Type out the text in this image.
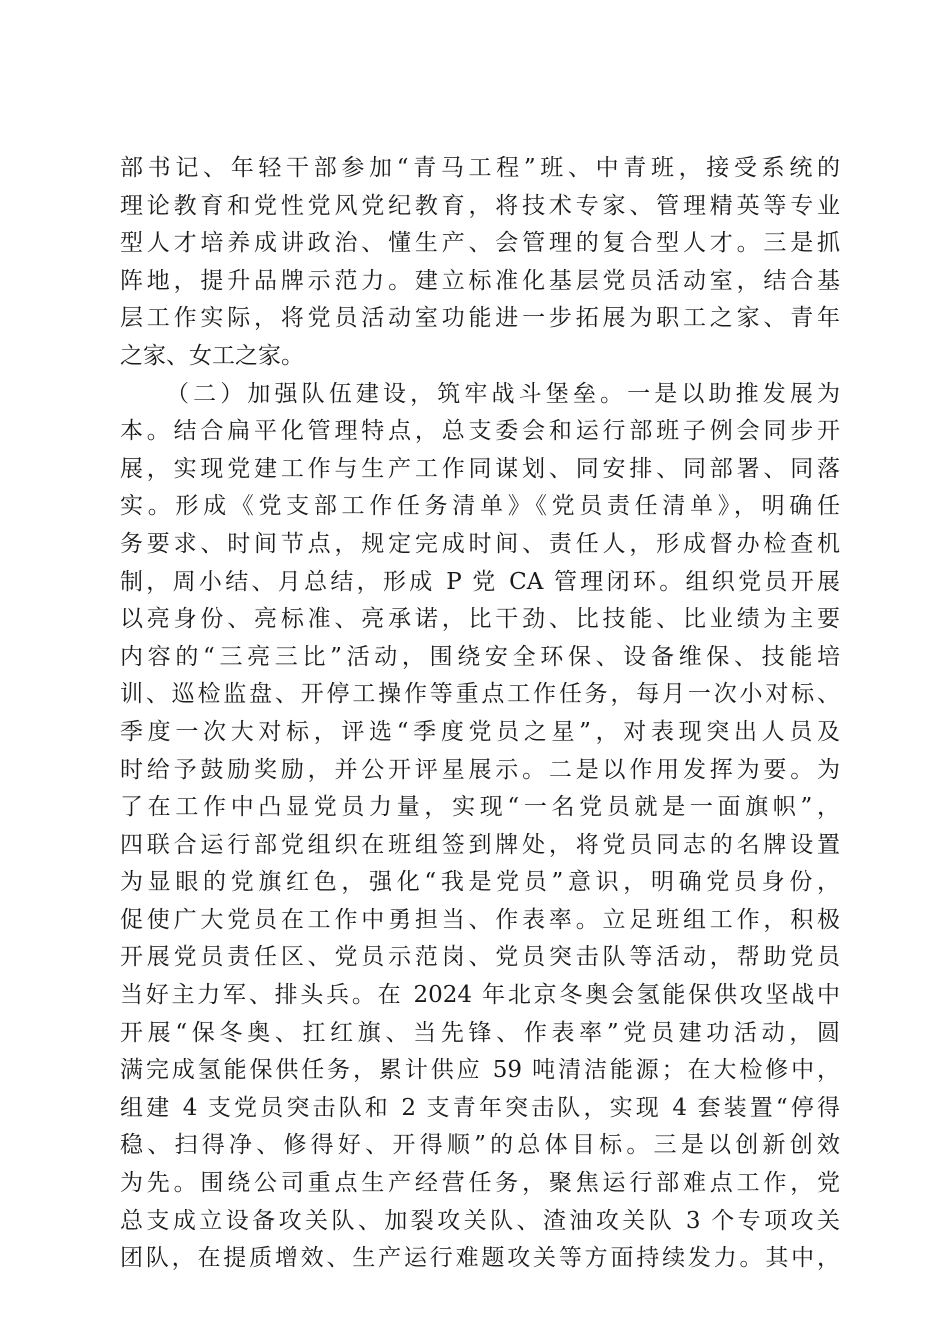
部书记、年轻干部参加“青马工程”班、中青班，接受系统的
理论教育和党性党风党纪教育，将技术专家、管理精英等专业
型人才培养成讲政治、懂生产、会管理的复合型人才。三是抓
阵地，提升品牌示范力。建立标准化基层党员活动室，结合基
层工作实际，将党员活动室功能进一步拓展为职工之家、青年
之家、女工之家。
（二）加强队伍建设，筑牢战斗堡垒。一是以助推发展为
本。结合扁平化管理特点，总支委会和运行部班子例会同步开
展，实现党建工作与生产工作同谋划、同安排、同部署、同落
实。形成《党支部工作任务清单》《党员责任清单》，明确任
务要求、时间节点，规定完成时间、责任人，形成督办检查机
制，周小结、月总结，形成 P 党 CA 管理闭环。组织党员开展
以亮身份、亮标准、亮承诺，比干劲、比技能、比业绩为主要
内容的“三亮三比”活动，围绕安全环保、设备维保、技能培
训、巡检监盘、开停工操作等重点工作任务，每月一次小对标、
季度一次大对标，评选“季度党员之星”，对表现突出人员及
时给予鼓励奖励，并公开评星展示。二是以作用发挥为要。为
了在工作中凸显党员力量，实现“一名党员就是一面旗帜”，
四联合运行部党组织在班组签到牌处，将党员同志的名牌设置
为显眼的党旗红色，强化“我是党员”意识，明确党员身份，
促使广大党员在工作中勇担当、作表率。立足班组工作，积极
开展党员责任区、党员示范岗、党员突击队等活动，帮助党员
当好主力军、排头兵。在 2024 年北京冬奥会氢能保供攻坚战中
开展“保冬奥、扛红旗、当先锋、作表率”党员建功活动，圆
满完成氢能保供任务，累计供应 59 吨清洁能源；在大检修中，
组建 4 支党员突击队和 2 支青年突击队，实现 4 套装置“停得
稳、扫得净、修得好、开得顺”的总体目标。三是以创新创效
为先。围绕公司重点生产经营任务，聚焦运行部难点工作，党
总支成立设备攻关队、加裂攻关队、渣油攻关队 3 个专项攻关
团队，在提质增效、生产运行难题攻关等方面持续发力。其中，
